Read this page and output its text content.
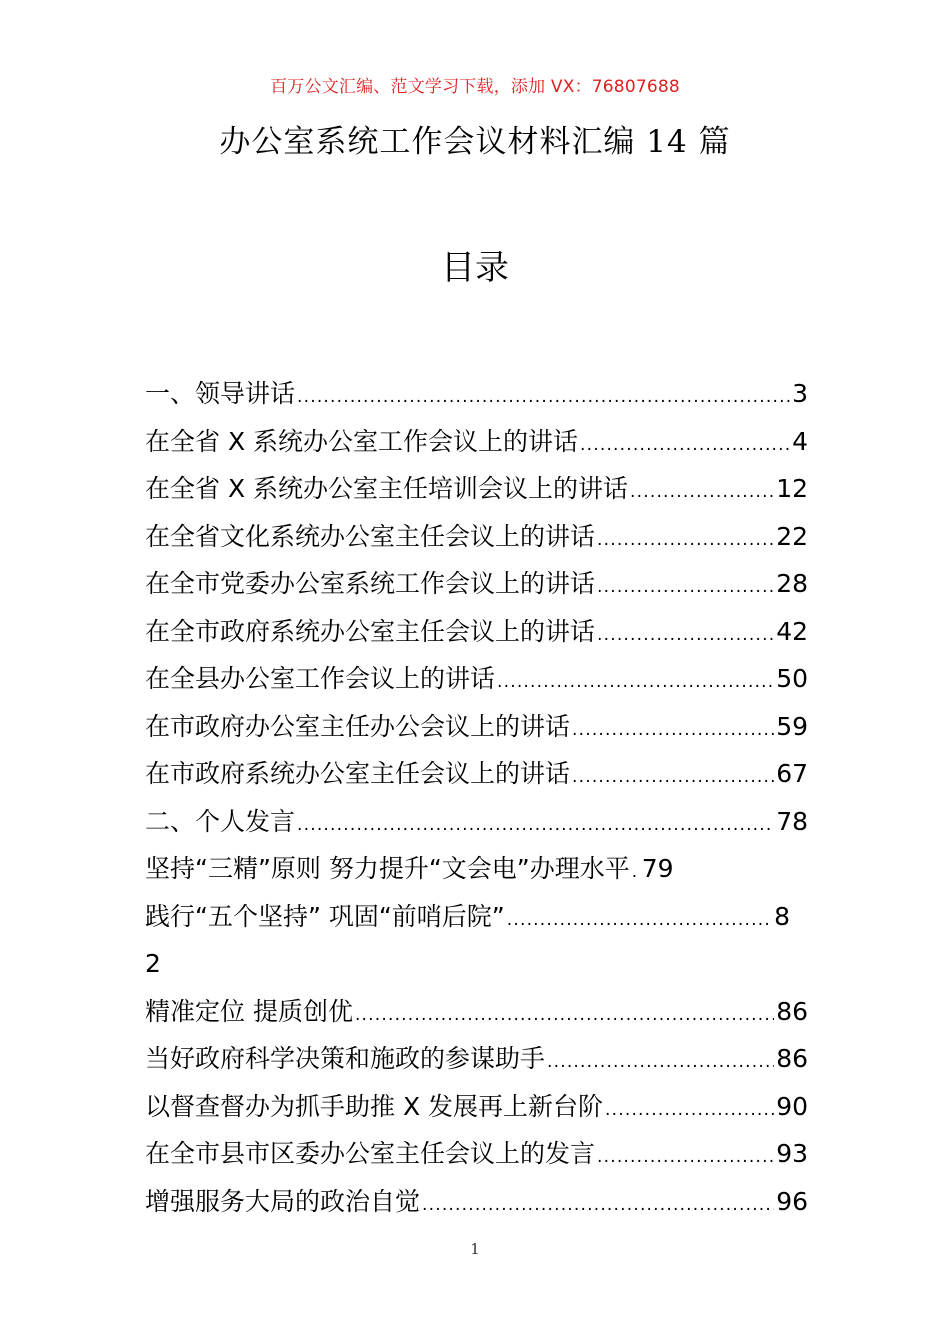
百万公文汇编、范文学习下载，添加 VX：76807688
办公室系统工作会议材料汇编 14 篇
目录
一、领导讲话 .....	3
在全省 X 系统办公室工作会议上的讲话 .....	4
在全省 X 系统办公室主任培训会议上的讲话 .....	12
在全省文化系统办公室主任会议上的讲话 .....	22
在全市党委办公室系统工作会议上的讲话 .....	28
在全市政府系统办公室主任会议上的讲话 .....	42
在全县办公室工作会议上的讲话 .....	50
在市政府办公室主任办公会议上的讲话 .....	59
在市政府系统办公室主任会议上的讲话 .....	67
二、个人发言 .....	78
坚持“三精”原则 努力提升“文会电”办理水平 ..... 79
践行“五个坚持” 巩固“前哨后院” .....	8
2
精准定位 提质创优 .....	86
当好政府科学决策和施政的参谋助手 .....	86
以督查督办为抓手助推 X 发展再上新台阶 .....	90
在全市县市区委办公室主任会议上的发言 .....	93
增强服务大局的政治自觉 .....	96
1
